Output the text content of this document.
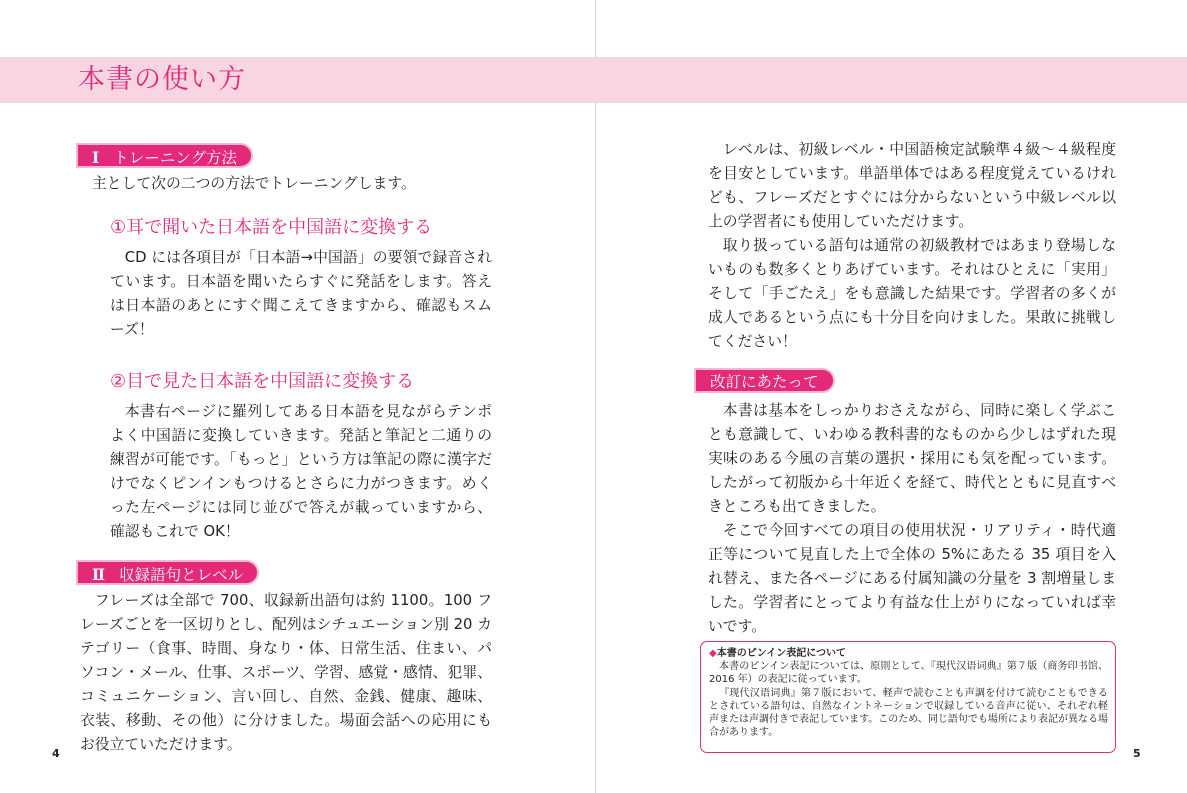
本書の使い方
Ⅰ トレーニング方法
主として次の二つの方法でトレーニングします。
①耳で聞いた日本語を中国語に変換する

CD には各項目が「日本語→中国語」の要領で録音されています。日本語を聞いたらすぐに発話をします。答えは日本語のあとにすぐ聞こえてきますから、確認もスムーズ！

②目で見た日本語を中国語に変換する

本書右ページに羅列してある日本語を見ながらテンポよく中国語に変換していきます。発話と筆記と二通りの練習が可能です。「もっと」という方は筆記の際に漢字だけでなくピンインもつけるとさらに力がつきます。めくった左ページには同じ並びで答えが載っていますから、確認もこれで OK！

Ⅱ 収録語句とレベル

フレーズは全部で 700、収録新出語句は約 1100。100 フレーズごとを一区切りとし、配列はシチュエーション別 20 カテゴリー（食事、時間、身なり・体、日常生活、住まい、パソコン・メール、仕事、スポーツ、学習、感覚・感情、犯罪、コミュニケーション、言い回し、自然、金銭、健康、趣味、衣装、移動、その他）に分けました。場面会話への応用にもお役立ていただけます。

4

レベルは、初級レベル・中国語検定試験準４級～４級程度を目安としています。単語単体ではある程度覚えているけれども、フレーズだとすぐには分からないという中級レベル以上の学習者にも使用していただけます。

取り扱っている語句は通常の初級教材ではあまり登場しないものも数多くとりあげています。それはひとえに「実用」そして「手ごたえ」をも意識した結果です。学習者の多くが成人であるという点にも十分目を向けました。果敢に挑戦してください！

改訂にあたって

本書は基本をしっかりおさえながら、同時に楽しく学ぶことも意識して、いわゆる教科書的なものから少しはずれた現実味のある今風の言葉の選択・採用にも気を配っています。したがって初版から十年近くを経て、時代とともに見直すべきところも出てきました。

そこで今回すべての項目の使用状況・リアリティ・時代適正等について見直した上で全体の 5%にあたる 35 項目を入れ替え、また各ページにある付属知識の分量を 3 割増量しました。学習者にとってより有益な仕上がりになっていれば幸いです。

◆本書のピンイン表記について

本書のピンイン表記については、原則として、『現代汉语词典』第７版（商务印书馆、2016 年）の表記に従っています。

『现代汉语词典』第７版において、軽声で読むことも声調を付けて読むこともできるとされている語句は、自然なイントネーションで収録している音声に従い、それぞれ軽声または声調付きで表記しています。このため、同じ語句でも場所により表記が異なる場合があります。

5
